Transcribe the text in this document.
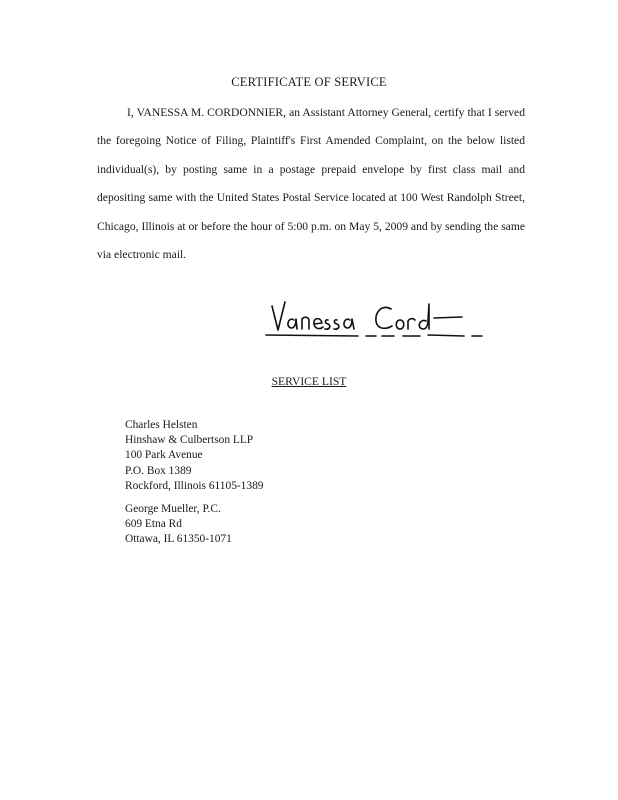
CERTIFICATE OF SERVICE

I, VANESSA M. CORDONNIER, an Assistant Attorney General, certify that I served the foregoing Notice of Filing, Plaintiff's First Amended Complaint, on the below listed individual(s), by posting same in a postage prepaid envelope by first class mail and depositing same with the United States Postal Service located at 100 West Randolph Street, Chicago, Illinois at or before the hour of 5:00 p.m. on May 5, 2009 and by sending the same via electronic mail.

SERVICE LIST
Charles Helsten
Hinshaw & Culbertson LLP
100 Park Avenue
P.O. Box 1389
Rockford, Illinois 61105-1389
George Mueller, P.C.
609 Etna Rd
Ottawa, IL 61350-1071
